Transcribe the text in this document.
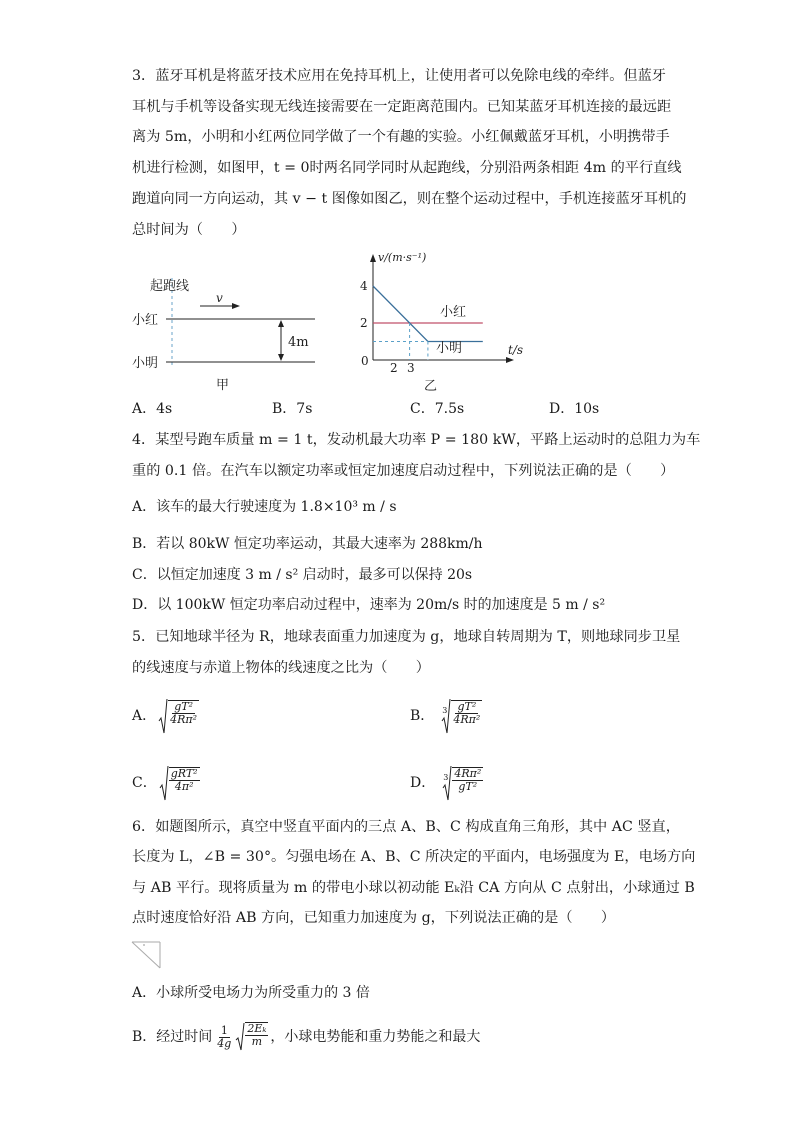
3．蓝牙耳机是将蓝牙技术应用在免持耳机上，让使用者可以免除电线的牵绊。但蓝牙
耳机与手机等设备实现无线连接需要在一定距离范围内。已知某蓝牙耳机连接的最远距
离为 5m，小明和小红两位同学做了一个有趣的实验。小红佩戴蓝牙耳机，小明携带手
机进行检测，如图甲，t = 0时两名同学同时从起跑线，分别沿两条相距 4m 的平行直线
跑道向同一方向运动，其 v − t 图像如图乙，则在整个运动过程中，手机连接蓝牙耳机的
总时间为（　　）
起跑线
v
小红
小明
4m
甲
v/(m·s⁻¹)
t/s
4
2
0 2 3
小红
小明
乙
A．4s	B．7s	C．7.5s	D．10s
4．某型号跑车质量 m = 1 t，发动机最大功率 P = 180 kW，平路上运动时的总阻力为车
重的 0.1 倍。在汽车以额定功率或恒定加速度启动过程中，下列说法正确的是（　　）
A．该车的最大行驶速度为 1.8×10³ m / s
B．若以 80kW 恒定功率运动，其最大速率为 288km/h
C．以恒定加速度 3 m / s² 启动时，最多可以保持 20s
D．以 100kW 恒定功率启动过程中，速率为 20m/s 时的加速度是 5 m / s²
5．已知地球半径为 R，地球表面重力加速度为 g，地球自转周期为 T，则地球同步卫星
的线速度与赤道上物体的线速度之比为（　　）
A． $\frac{\text{gT²}}{\text{4Rπ²}}$	B． $3 \frac{\text{gT²}}{\text{4Rπ²}}$
C． $\frac{\text{gRT²}}{\text{4π²}}$	D． $3 \frac{\text{4Rπ²}}{\text{gT²}}$
6．如题图所示，真空中竖直平面内的三点 A、B、C 构成直角三角形，其中 AC 竖直，
长度为 L，∠B = 30°。匀强电场在 A、B、C 所决定的平面内，电场强度为 E，电场方向
与 AB 平行。现将质量为 m 的带电小球以初动能 Eₖ沿 CA 方向从 C 点射出，小球通过 B
点时速度恰好沿 AB 方向，已知重力加速度为 g，下列说法正确的是（　　）
A．小球所受电场力为所受重力的 3 倍
B．经过时间 $\frac{1}{4g} \frac{\text{2Eₖ}}{m}$ ，小球电势能和重力势能之和最大
